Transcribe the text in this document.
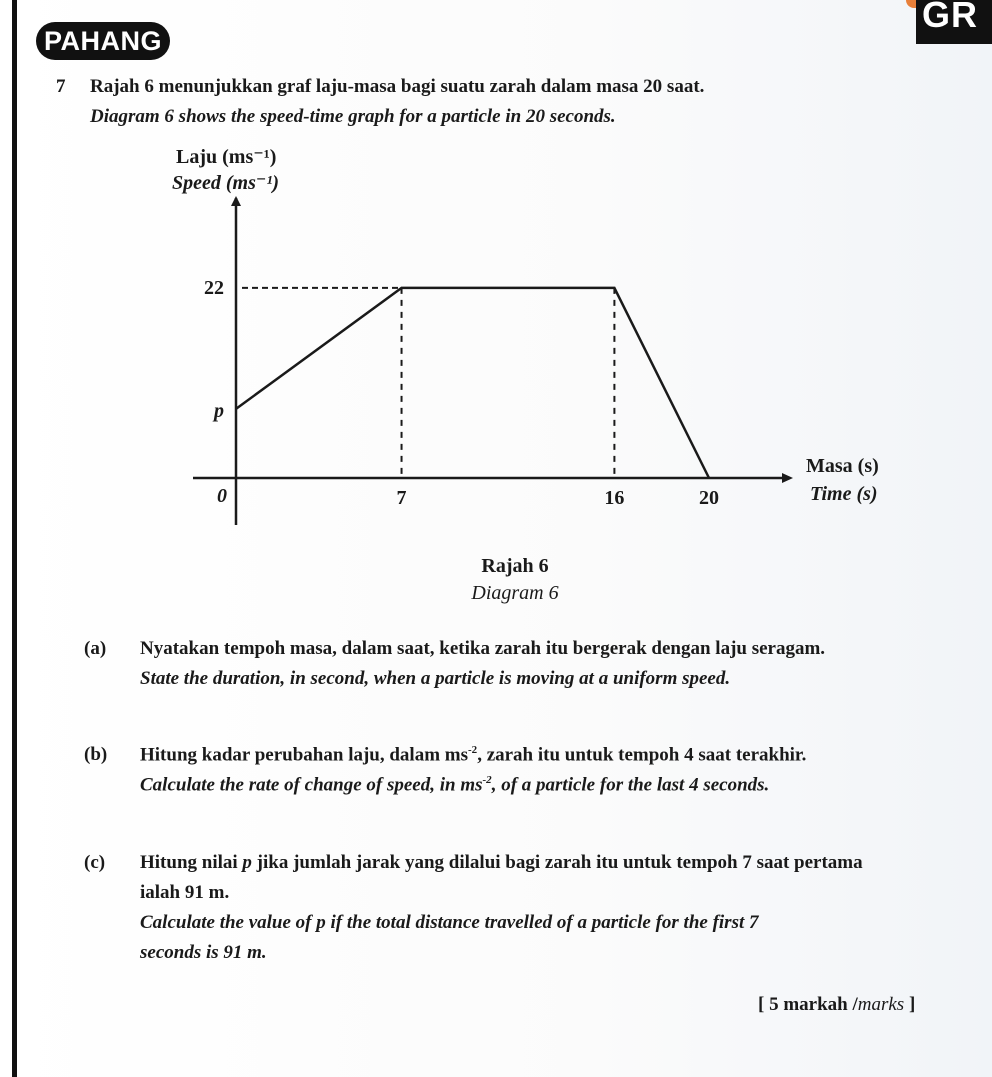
PAHANG
GR
7 Rajah 6 menunjukkan graf laju-masa bagi suatu zarah dalam masa 20 saat.
Diagram 6 shows the speed-time graph for a particle in 20 seconds.
Laju (ms⁻¹)
Speed (ms⁻¹)
0	7	16	20
22
p
Masa (s)
Time (s)
Rajah 6
Diagram 6
(a) Nyatakan tempoh masa, dalam saat, ketika zarah itu bergerak dengan laju seragam.
State the duration, in second, when a particle is moving at a uniform speed.
(b) Hitung kadar perubahan laju, dalam $ms^{-2}$, zarah itu untuk tempoh 4 saat terakhir.
Calculate the rate of change of speed, in $ms^{-2}$, of a particle for the last 4 seconds.
(c) Hitung nilai p jika jumlah jarak yang dilalui bagi zarah itu untuk tempoh 7 saat pertama
ialah 91 m.
Calculate the value of p if the total distance travelled of a particle for the first 7
seconds is 91 m.
[ 5 markah /marks ]
